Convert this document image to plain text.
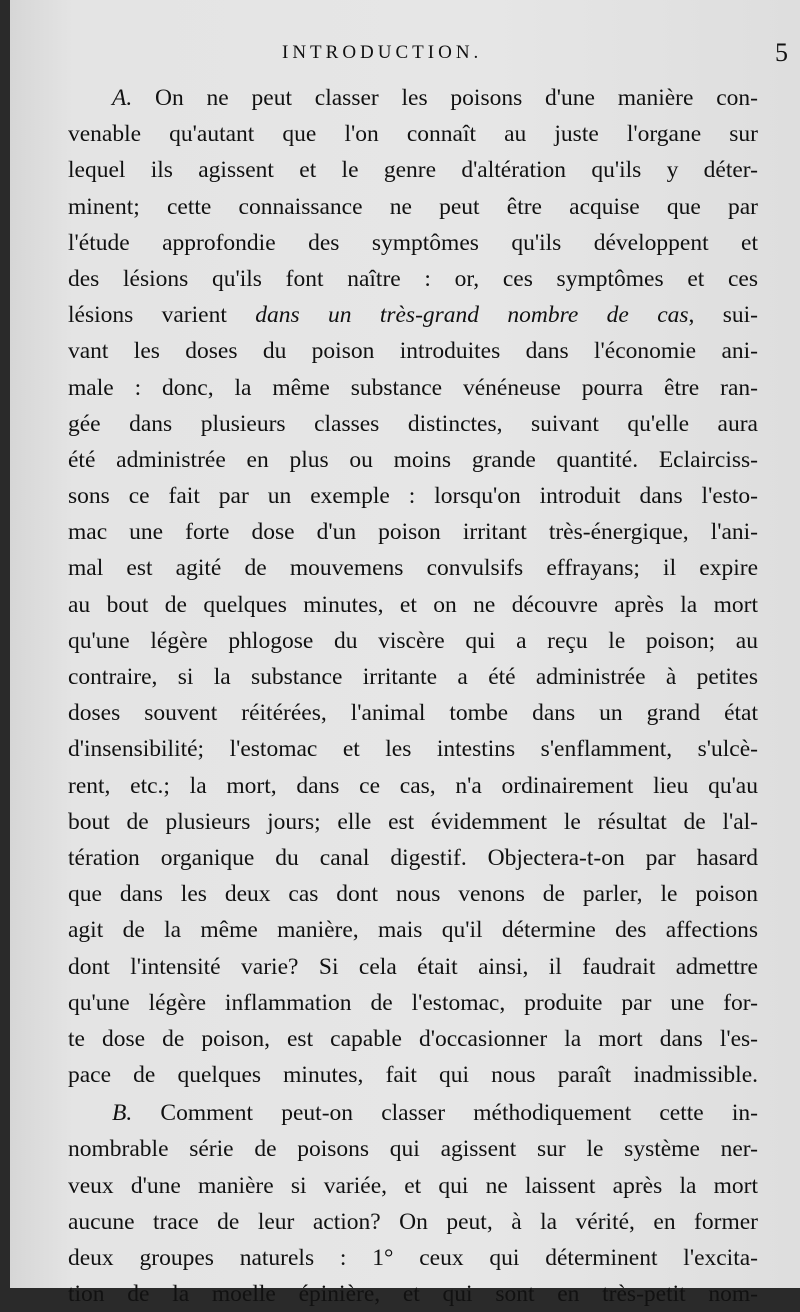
INTRODUCTION.	5
A. On ne peut classer les poisons d'une manière con-
venable qu'autant que l'on connaît au juste l'organe sur
lequel ils agissent et le genre d'altération qu'ils y déter-
minent; cette connaissance ne peut être acquise que par
l'étude approfondie des symptômes qu'ils développent et
des lésions qu'ils font naître : or, ces symptômes et ces
lésions varient dans un très-grand nombre de cas, sui-
vant les doses du poison introduites dans l'économie ani-
male : donc, la même substance vénéneuse pourra être ran-
gée dans plusieurs classes distinctes, suivant qu'elle aura
été administrée en plus ou moins grande quantité. Eclairciss-
sons ce fait par un exemple : lorsqu'on introduit dans l'esto-
mac une forte dose d'un poison irritant très-énergique, l'ani-
mal est agité de mouvemens convulsifs effrayans; il expire
au bout de quelques minutes, et on ne découvre après la mort
qu'une légère phlogose du viscère qui a reçu le poison; au
contraire, si la substance irritante a été administrée à petites
doses souvent réitérées, l'animal tombe dans un grand état
d'insensibilité; l'estomac et les intestins s'enflamment, s'ulcè-
rent, etc.; la mort, dans ce cas, n'a ordinairement lieu qu'au
bout de plusieurs jours; elle est évidemment le résultat de l'al-
tération organique du canal digestif. Objectera-t-on par hasard
que dans les deux cas dont nous venons de parler, le poison
agit de la même manière, mais qu'il détermine des affections
dont l'intensité varie? Si cela était ainsi, il faudrait admettre
qu'une légère inflammation de l'estomac, produite par une for-
te dose de poison, est capable d'occasionner la mort dans l'es-
pace de quelques minutes, fait qui nous paraît inadmissible.
B. Comment peut-on classer méthodiquement cette in-
nombrable série de poisons qui agissent sur le système ner-
veux d'une manière si variée, et qui ne laissent après la mort
aucune trace de leur action? On peut, à la vérité, en former
deux groupes naturels : 1° ceux qui déterminent l'excita-
tion de la moelle épinière, et qui sont en très-petit nom-
